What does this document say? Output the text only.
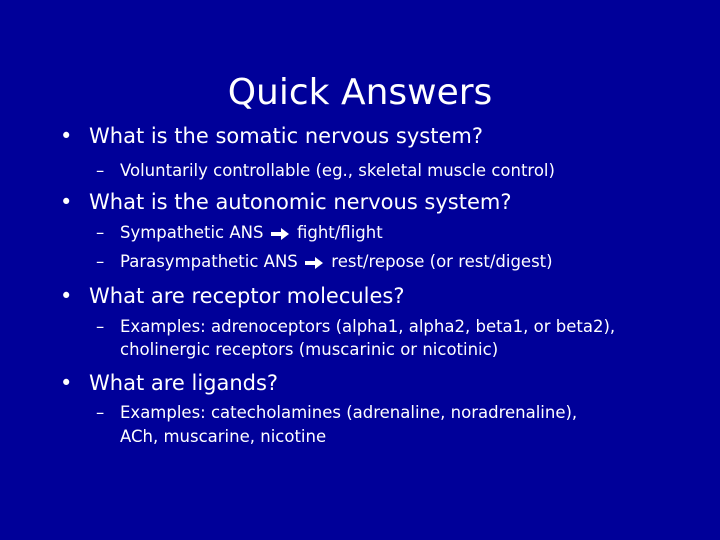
Quick Answers
• What is the somatic nervous system?
– Voluntarily controllable (eg., skeletal muscle control)
• What is the autonomic nervous system?
– Sympathetic ANS fight/flight
– Parasympathetic ANS rest/repose (or rest/digest)
• What are receptor molecules?
– Examples: adrenoceptors (alpha1, alpha2, beta1, or beta2),
cholinergic receptors (muscarinic or nicotinic)
• What are ligands?
– Examples: catecholamines (adrenaline, noradrenaline),
ACh, muscarine, nicotine
